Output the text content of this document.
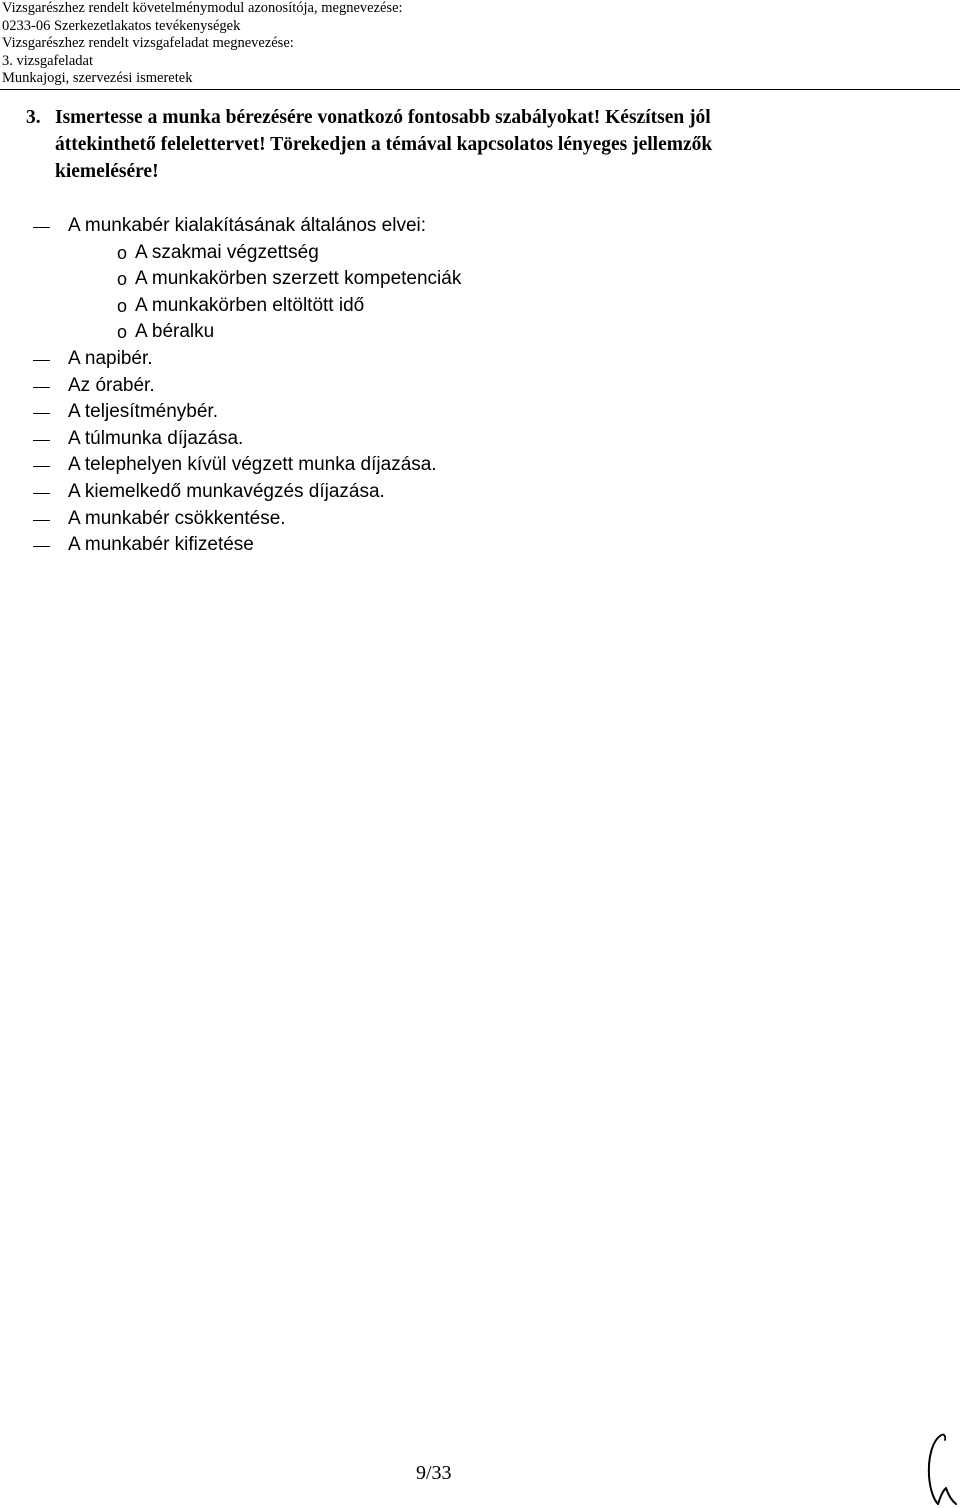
Vizsgarészhez rendelt követelménymodul azonosítója, megnevezése:
0233-06 Szerkezetlakatos tevékenységek
Vizsgarészhez rendelt vizsgafeladat megnevezése:
3. vizsgafeladat
Munkajogi, szervezési ismeretek
3. Ismertesse a munka bérezésére vonatkozó fontosabb szabályokat! Készítsen jól
áttekinthető felelettervet! Törekedjen a témával kapcsolatos lényeges jellemzők
kiemelésére!
A munkabér kialakításának általános elvei:
o A szakmai végzettség
o A munkakörben szerzett kompetenciák
o A munkakörben eltöltött idő
o A béralku
A napibér.
Az órabér.
A teljesítménybér.
A túlmunka díjazása.
A telephelyen kívül végzett munka díjazása.
A kiemelkedő munkavégzés díjazása.
A munkabér csökkentése.
A munkabér kifizetése
9/33
